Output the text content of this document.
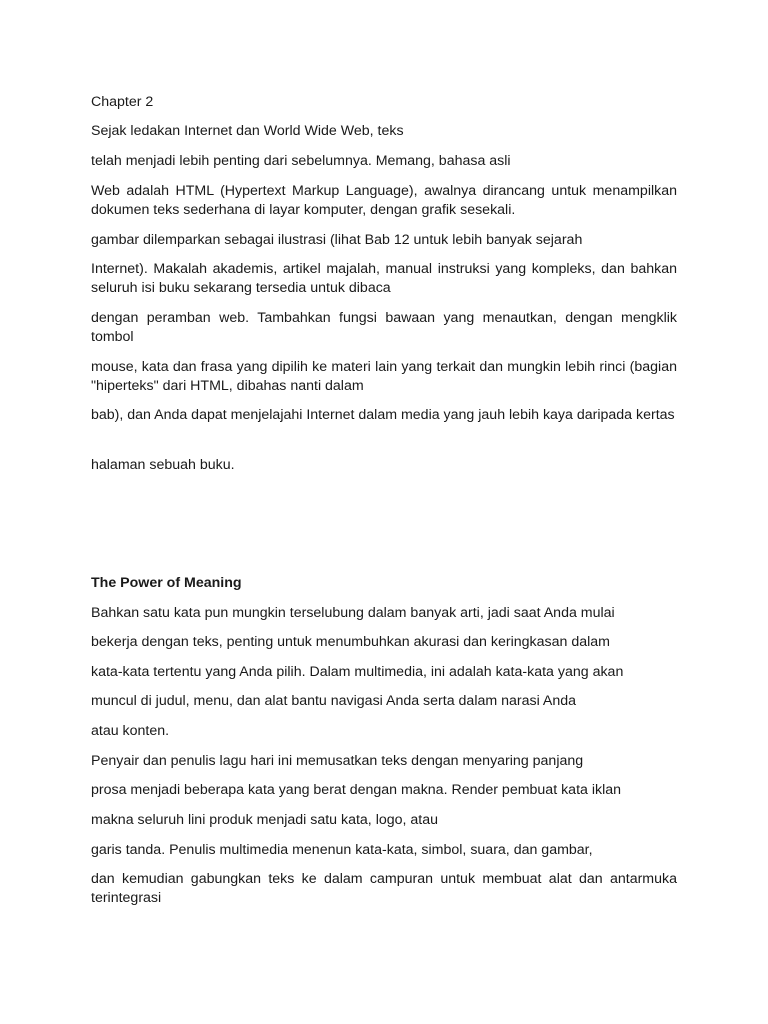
Chapter 2

Sejak ledakan Internet dan World Wide Web, teks

telah menjadi lebih penting dari sebelumnya. Memang, bahasa asli

Web adalah HTML (Hypertext Markup Language), awalnya dirancang untuk menampilkan dokumen teks sederhana di layar komputer, dengan grafik sesekali.

gambar dilemparkan sebagai ilustrasi (lihat Bab 12 untuk lebih banyak sejarah

Internet). Makalah akademis, artikel majalah, manual instruksi yang kompleks, dan bahkan seluruh isi buku sekarang tersedia untuk dibaca

dengan peramban web. Tambahkan fungsi bawaan yang menautkan, dengan mengklik tombol

mouse, kata dan frasa yang dipilih ke materi lain yang terkait dan mungkin lebih rinci (bagian "hiperteks" dari HTML, dibahas nanti dalam

bab), dan Anda dapat menjelajahi Internet dalam media yang jauh lebih kaya daripada kertas

halaman sebuah buku.

The Power of Meaning

Bahkan satu kata pun mungkin terselubung dalam banyak arti, jadi saat Anda mulai

bekerja dengan teks, penting untuk menumbuhkan akurasi dan keringkasan dalam

kata-kata tertentu yang Anda pilih. Dalam multimedia, ini adalah kata-kata yang akan

muncul di judul, menu, dan alat bantu navigasi Anda serta dalam narasi Anda

atau konten.

Penyair dan penulis lagu hari ini memusatkan teks dengan menyaring panjang

prosa menjadi beberapa kata yang berat dengan makna. Render pembuat kata iklan

makna seluruh lini produk menjadi satu kata, logo, atau

garis tanda. Penulis multimedia menenun kata-kata, simbol, suara, dan gambar,

dan kemudian gabungkan teks ke dalam campuran untuk membuat alat dan antarmuka terintegrasi
